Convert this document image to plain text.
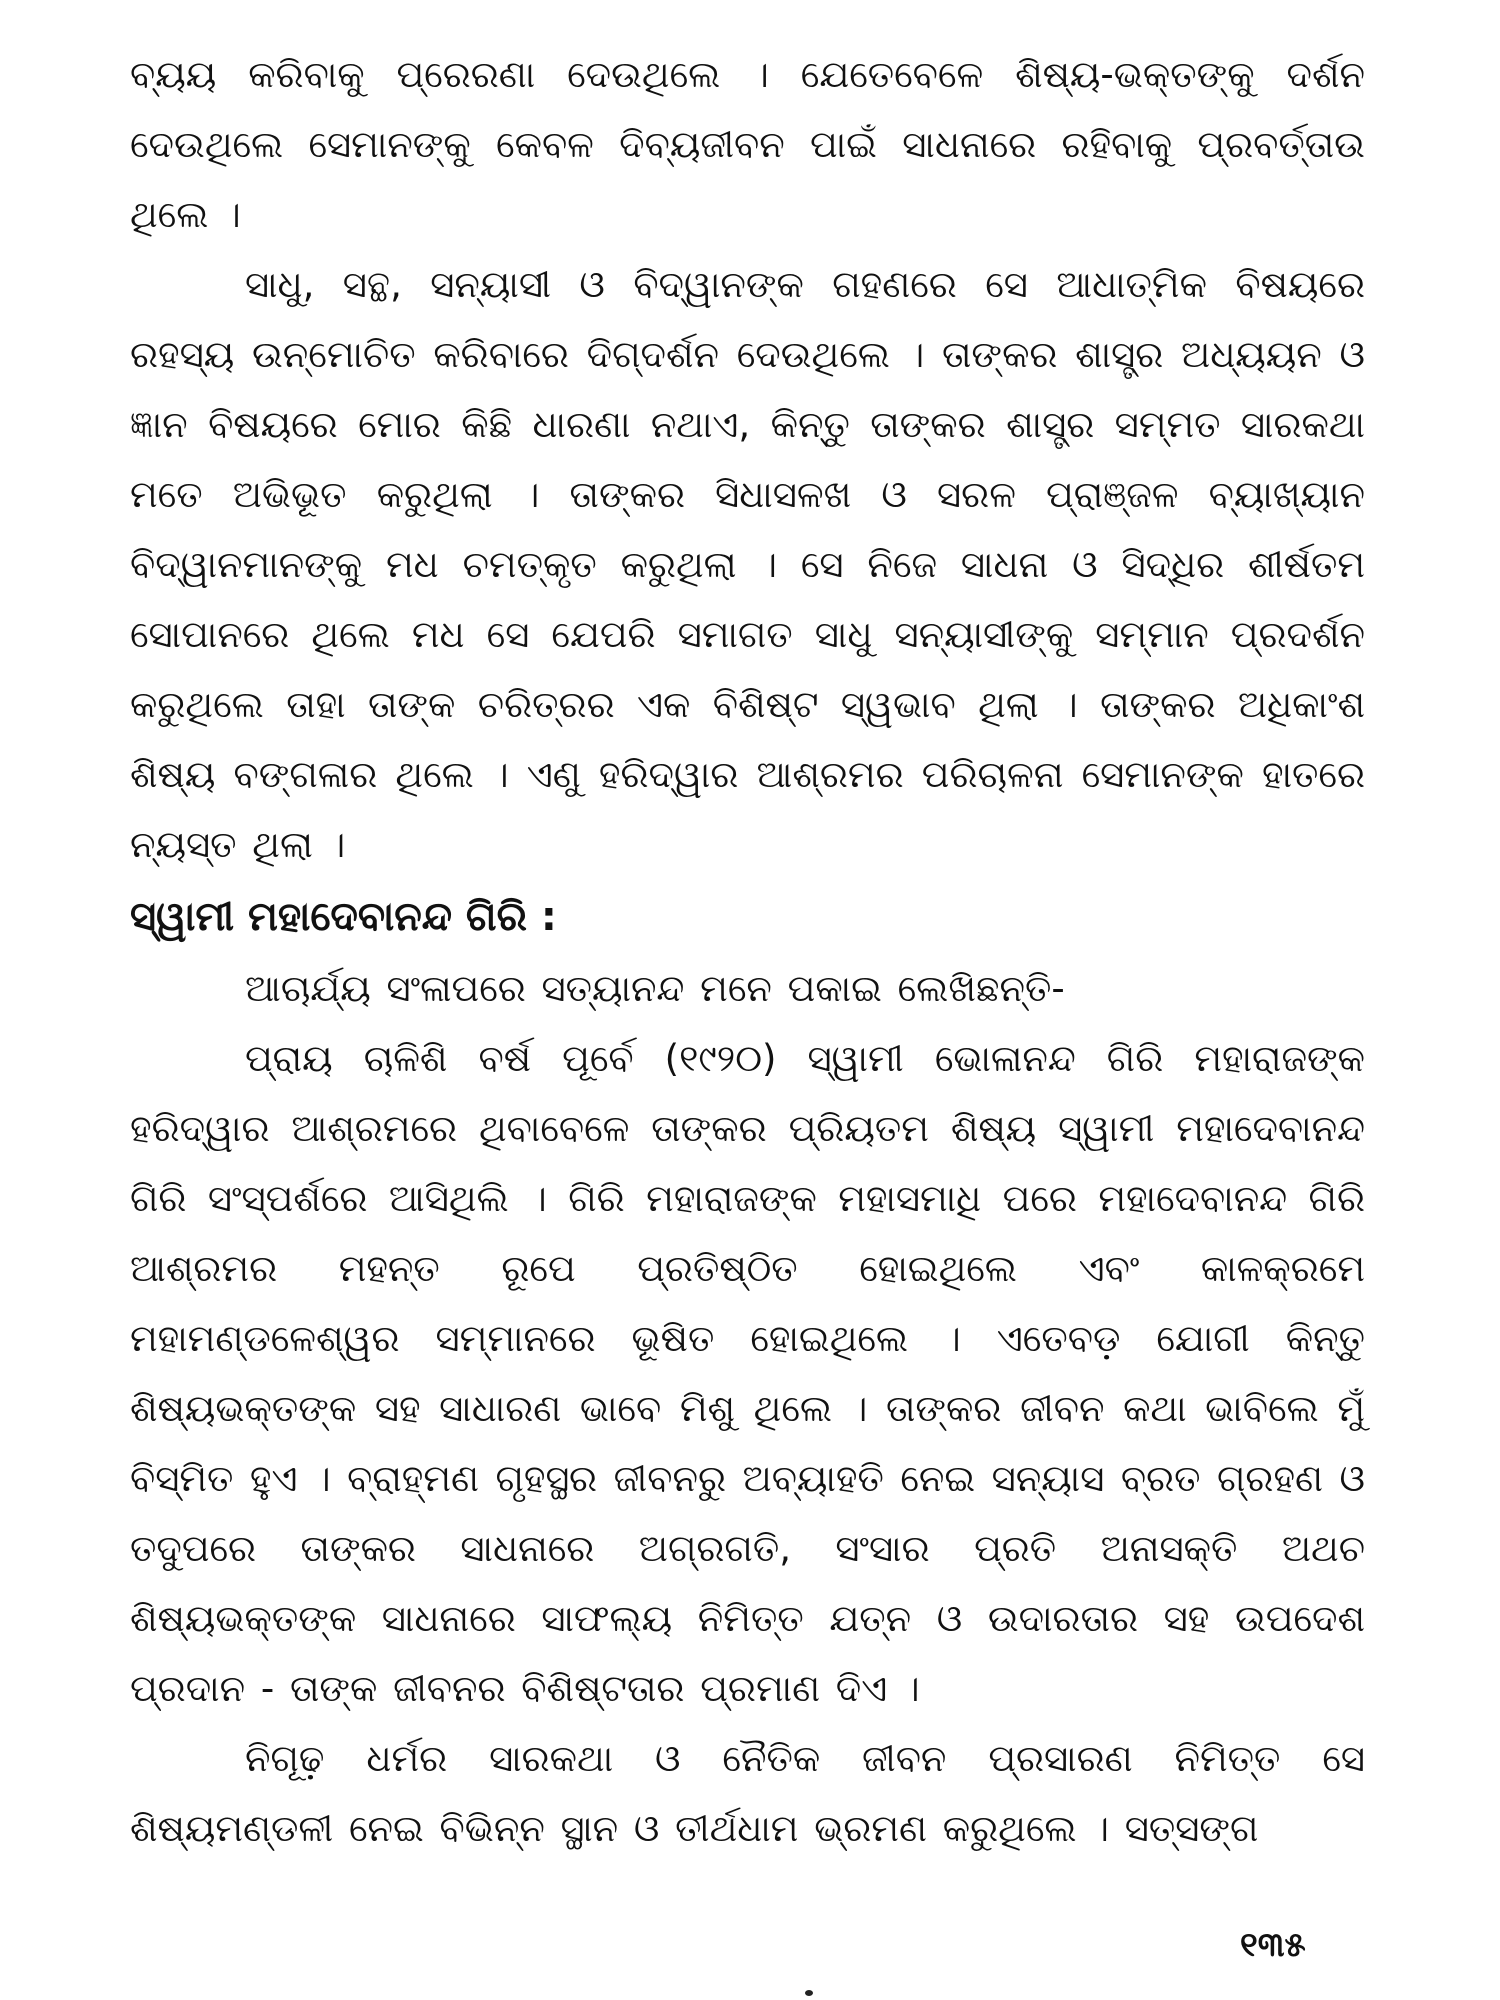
ବ୍ୟୟ କରିବାକୁ ପ୍ରେରଣା ଦେଉଥିଲେ । ଯେତେବେଳେ ଶିଷ୍ୟ-ଭକ୍ତଙ୍କୁ ଦର୍ଶନ ଦେଉଥିଲେ ସେମାନଙ୍କୁ କେବଳ ଦିବ୍ୟଜୀବନ ପାଇଁ ସାଧନାରେ ରହିବାକୁ ପ୍ରବର୍ତ୍ତାଉ ଥିଲେ ।

ସାଧୁ, ସନ୍ଥ, ସନ୍ୟାସୀ ଓ ବିଦ୍ୱାନଙ୍କ ଗହଣରେ ସେ ଆଧାତ୍ମିକ ବିଷୟରେ ରହସ୍ୟ ଉନ୍ମୋଚିତ କରିବାରେ ଦିଗ୍‌ଦର୍ଶନ ଦେଉଥିଲେ । ତାଙ୍କର ଶାସ୍ତ୍ର ଅଧ୍ୟୟନ ଓ ଜ୍ଞାନ ବିଷୟରେ ମୋର କିଛି ଧାରଣା ନଥାଏ, କିନ୍ତୁ ତାଙ୍କର ଶାସ୍ତ୍ର ସମ୍ମତ ସାରକଥା ମତେ ଅଭିଭୂତ କରୁଥିଲା । ତାଙ୍କର ସିଧାସଳଖ ଓ ସରଳ ପ୍ରାଞ୍ଜଳ ବ୍ୟାଖ୍ୟାନ ବିଦ୍ୱାନମାନଙ୍କୁ ମଧ ଚମତ୍କୃତ କରୁଥିଲା । ସେ ନିଜେ ସାଧନା ଓ ସିଦ୍ଧିର ଶୀର୍ଷତମ ସୋପାନରେ ଥିଲେ ମଧ ସେ ଯେପରି ସମାଗତ ସାଧୁ ସନ୍ୟାସୀଙ୍କୁ ସମ୍ମାନ ପ୍ରଦର୍ଶନ କରୁଥିଲେ ତାହା ତାଙ୍କ ଚରିତ୍ରର ଏକ ବିଶିଷ୍ଟ ସ୍ୱଭାବ ଥିଲା । ତାଙ୍କର ଅଧିକାଂଶ ଶିଷ୍ୟ ବଙ୍ଗଳାର ଥିଲେ । ଏଣୁ ହରିଦ୍ୱାର ଆଶ୍ରମର ପରିଚାଳନା ସେମାନଙ୍କ ହାତରେ ନ୍ୟସ୍ତ ଥିଲା ।

ସ୍ୱାମୀ ମହାଦେବାନନ୍ଦ ଗିରି :

ଆଚାର୍ଯ୍ୟ ସଂଳାପରେ ସତ୍ୟାନନ୍ଦ ମନେ ପକାଇ ଲେଖିଛନ୍ତି-

ପ୍ରାୟ ଚାଳିଶି ବର୍ଷ ପୂର୍ବେ (୧୯୨୦) ସ୍ୱାମୀ ଭୋଳାନନ୍ଦ ଗିରି ମହାରାଜଙ୍କ ହରିଦ୍ୱାର ଆଶ୍ରମରେ ଥିବାବେଳେ ତାଙ୍କର ପ୍ରିୟତମ ଶିଷ୍ୟ ସ୍ୱାମୀ ମହାଦେବାନନ୍ଦ ଗିରି ସଂସ୍ପର୍ଶରେ ଆସିଥିଲି । ଗିରି ମହାରାଜଙ୍କ ମହାସମାଧି ପରେ ମହାଦେବାନନ୍ଦ ଗିରି ଆଶ୍ରମର ମହନ୍ତ ରୂପେ ପ୍ରତିଷ୍ଠିତ ହୋଇଥିଲେ ଏବଂ କାଳକ୍ରମେ ମହାମଣ୍ଡଳେଶ୍ୱର ସମ୍ମାନରେ ଭୂଷିତ ହୋଇଥିଲେ । ଏତେବଡ଼ ଯୋଗୀ କିନ୍ତୁ ଶିଷ୍ୟଭକ୍ତଙ୍କ ସହ ସାଧାରଣ ଭାବେ ମିଶୁ ଥିଲେ । ତାଙ୍କର ଜୀବନ କଥା ଭାବିଲେ ମୁଁ ବିସ୍ମିତ ହୁଏ । ବ୍ରାହ୍ମଣ ଗୃହସ୍ଥର ଜୀବନରୁ ଅବ୍ୟାହତି ନେଇ ସନ୍ୟାସ ବ୍ରତ ଗ୍ରହଣ ଓ ତଦୁପରେ ତାଙ୍କର ସାଧନାରେ ଅଗ୍ରଗତି, ସଂସାର ପ୍ରତି ଅନାସକ୍ତି ଅଥଚ ଶିଷ୍ୟଭକ୍ତଙ୍କ ସାଧନାରେ ସାଫଲ୍ୟ ନିମିତ୍ତ ଯତ୍ନ ଓ ଉଦାରତାର ସହ ଉପଦେଶ ପ୍ରଦାନ - ତାଙ୍କ ଜୀବନର ବିଶିଷ୍ଟତାର ପ୍ରମାଣ ଦିଏ ।

ନିଗୂଢ଼ ଧର୍ମର ସାରକଥା ଓ ନୈତିକ ଜୀବନ ପ୍ରସାରଣ ନିମିତ୍ତ ସେ ଶିଷ୍ୟମଣ୍ଡଳୀ ନେଇ ବିଭିନ୍ନ ସ୍ଥାନ ଓ ତୀର୍ଥଧାମ ଭ୍ରମଣ କରୁଥିଲେ । ସତ୍‌ସଙ୍ଗ

୧୩୫
